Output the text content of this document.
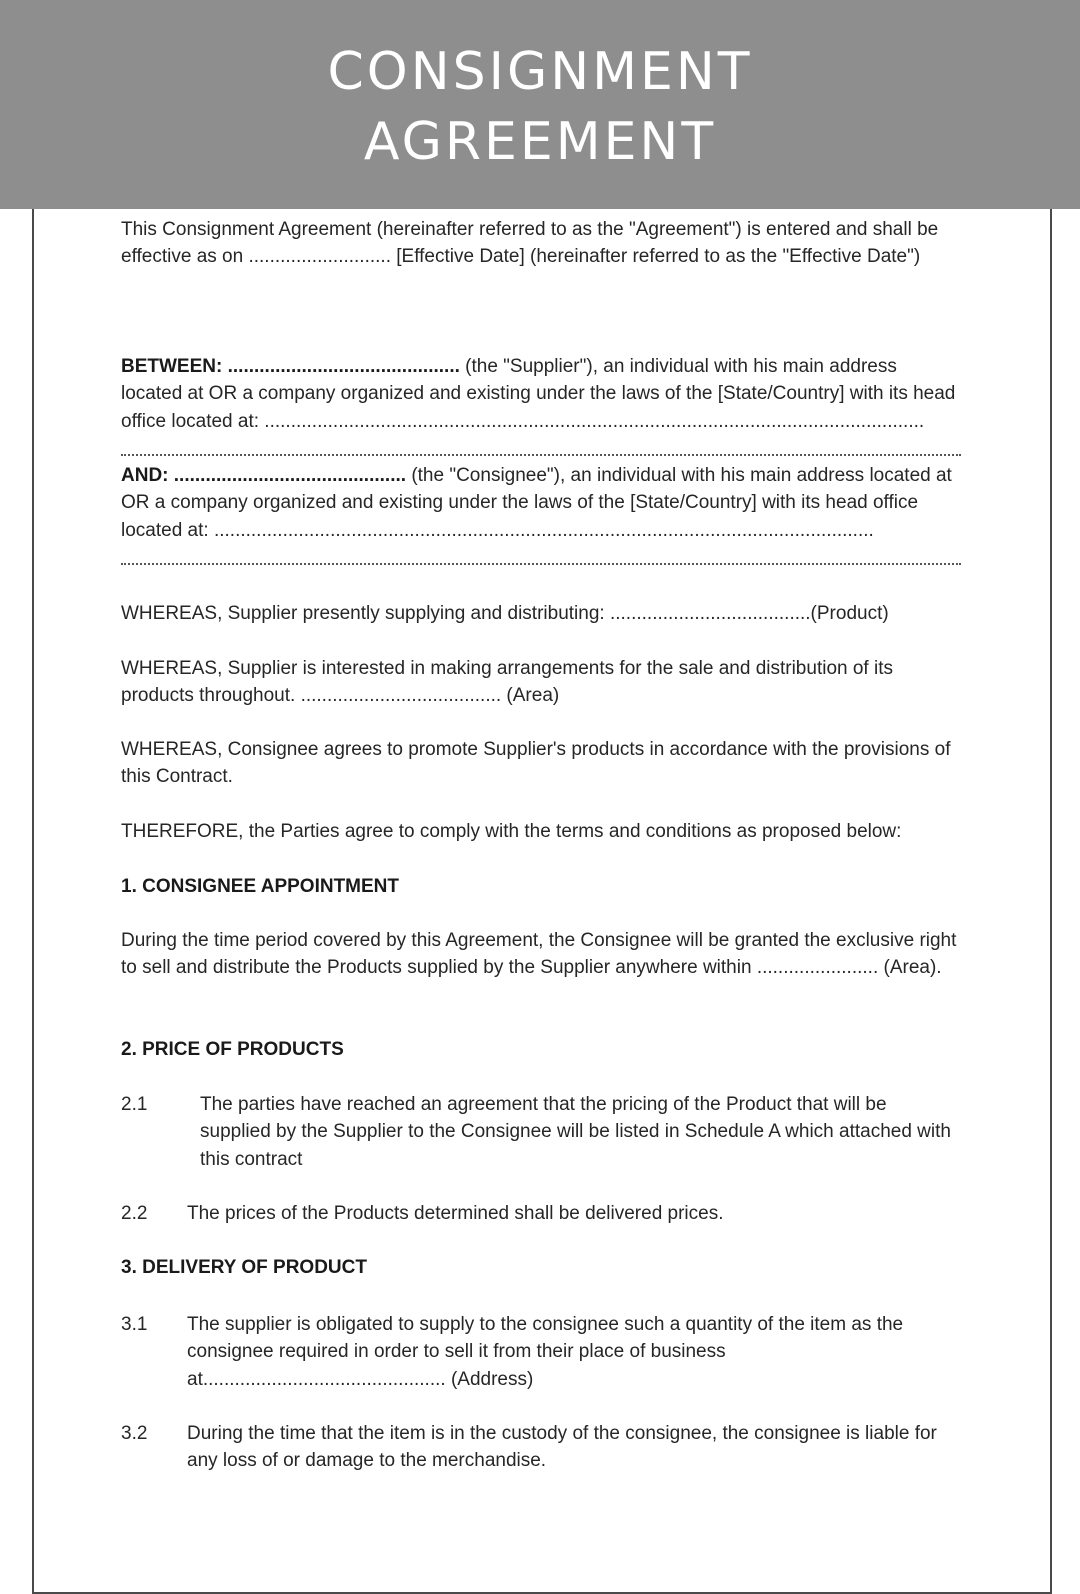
CONSIGNMENT
AGREEMENT

This Consignment Agreement (hereinafter referred to as the "Agreement") is entered and shall be effective as on ........................... [Effective Date] (hereinafter referred to as the "Effective Date")

BETWEEN: ............................................ (the "Supplier"), an individual with his main address located at OR a company organized and existing under the laws of the [State/Country] with its head office located at: .............................................................................................................................

AND: ............................................ (the "Consignee"), an individual with his main address located at OR a company organized and existing under the laws of the [State/Country] with its head office located at: .............................................................................................................................

WHEREAS, Supplier presently supplying and distributing: ......................................(Product)

WHEREAS, Supplier is interested in making arrangements for the sale and distribution of its products throughout. ...................................... (Area)

WHEREAS, Consignee agrees to promote Supplier's products in accordance with the provisions of this Contract.

THEREFORE, the Parties agree to comply with the terms and conditions as proposed below:

1. CONSIGNEE APPOINTMENT

During the time period covered by this Agreement, the Consignee will be granted the exclusive right to sell and distribute the Products supplied by the Supplier anywhere within ....................... (Area).

2. PRICE OF PRODUCTS

2.1	The parties have reached an agreement that the pricing of the Product that will be supplied by the Supplier to the Consignee will be listed in Schedule A which attached with this contract

2.2 The prices of the Products determined shall be delivered prices.

3. DELIVERY OF PRODUCT

3.1 The supplier is obligated to supply to the consignee such a quantity of the item as the consignee required in order to sell it from their place of business at.............................................. (Address)

3.2 During the time that the item is in the custody of the consignee, the consignee is liable for any loss of or damage to the merchandise.
